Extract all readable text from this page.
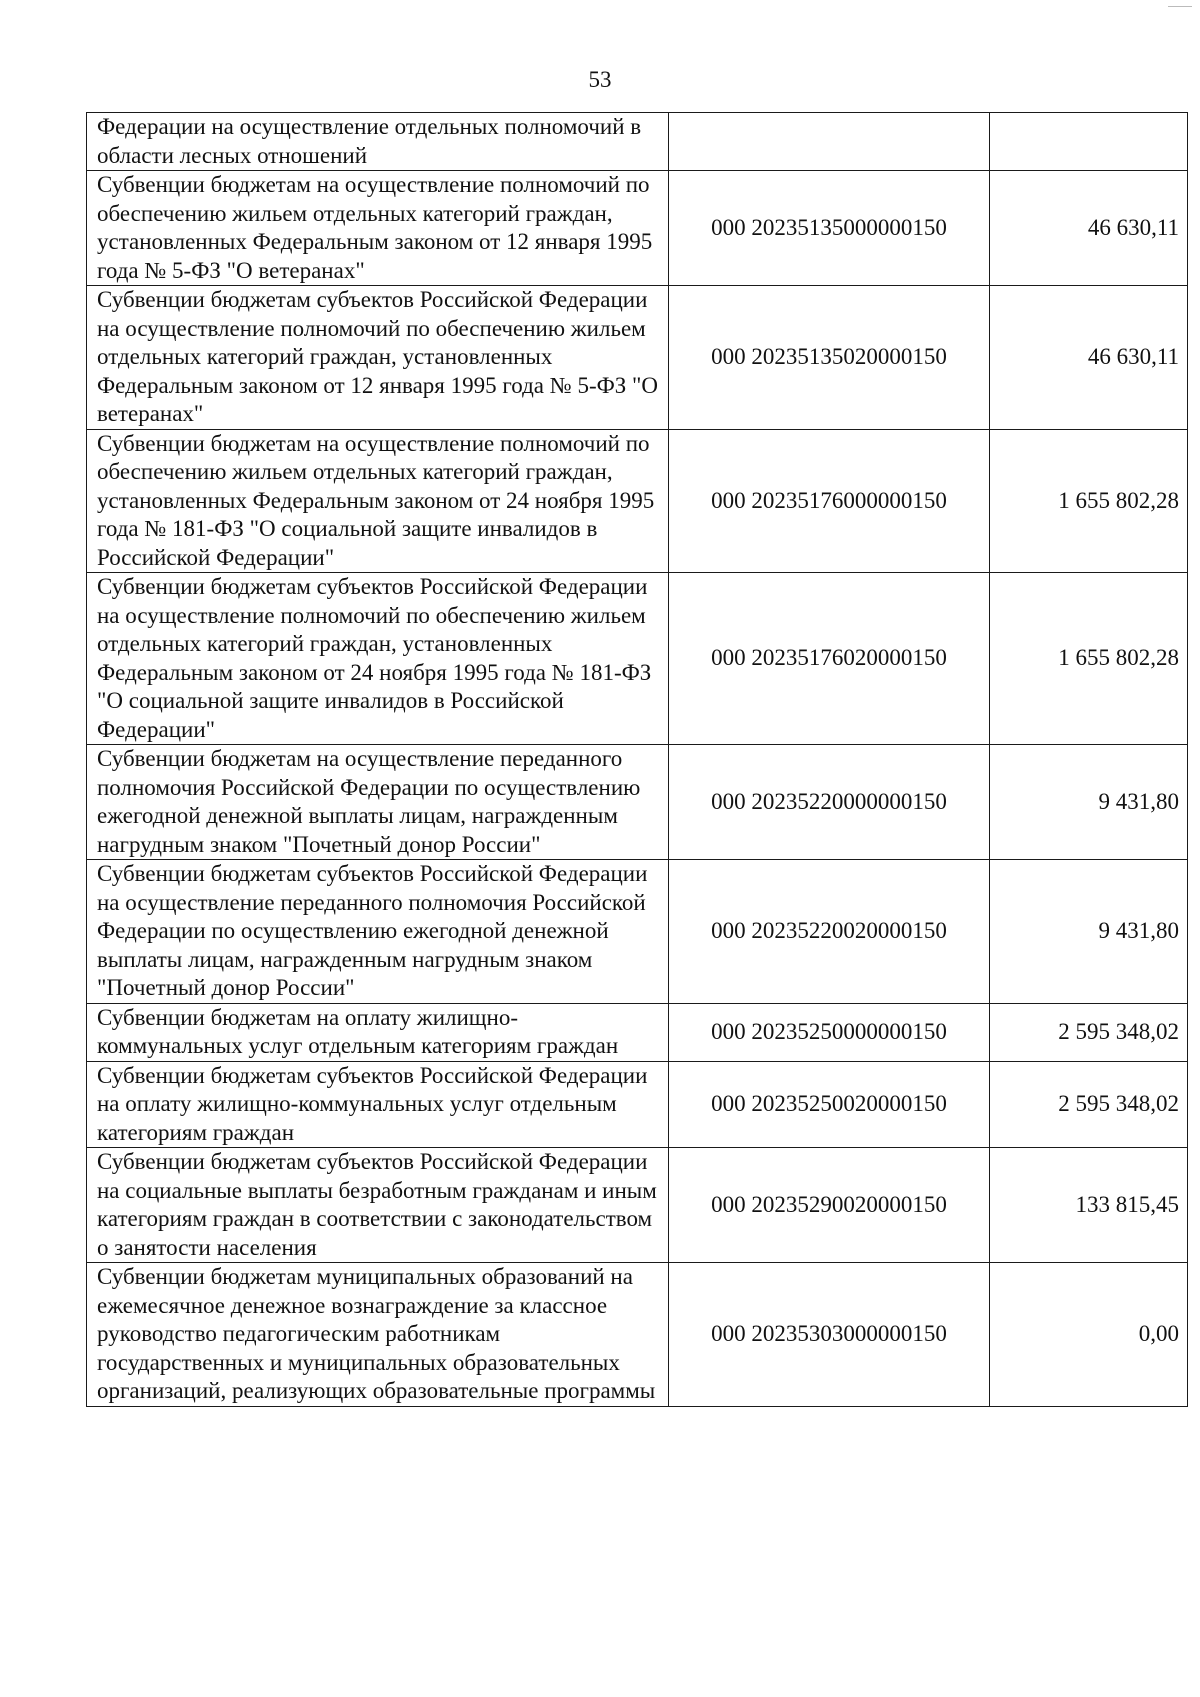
53
Федерации на осуществление отдельных полномочий в области лесных отношений		
Субвенции бюджетам на осуществление полномочий по обеспечению жильем отдельных категорий граждан, установленных Федеральным законом от 12 января 1995 года № 5-ФЗ "О ветеранах"	000 20235135000000150	46 630,11
Субвенции бюджетам субъектов Российской Федерации на осуществление полномочий по обеспечению жильем отдельных категорий граждан, установленных Федеральным законом от 12 января 1995 года № 5-ФЗ "О ветеранах"	000 20235135020000150	46 630,11
Субвенции бюджетам на осуществление полномочий по обеспечению жильем отдельных категорий граждан, установленных Федеральным законом от 24 ноября 1995 года № 181-ФЗ "О социальной защите инвалидов в Российской Федерации"	000 20235176000000150	1 655 802,28
Субвенции бюджетам субъектов Российской Федерации на осуществление полномочий по обеспечению жильем отдельных категорий граждан, установленных Федеральным законом от 24 ноября 1995 года № 181-ФЗ "О социальной защите инвалидов в Российской Федерации"	000 20235176020000150	1 655 802,28
Субвенции бюджетам на осуществление переданного полномочия Российской Федерации по осуществлению ежегодной денежной выплаты лицам, награжденным нагрудным знаком "Почетный донор России"	000 20235220000000150	9 431,80
Субвенции бюджетам субъектов Российской Федерации на осуществление переданного полномочия Российской Федерации по осуществлению ежегодной денежной выплаты лицам, награжденным нагрудным знаком "Почетный донор России"	000 20235220020000150	9 431,80
Субвенции бюджетам на оплату жилищно-коммунальных услуг отдельным категориям граждан	000 20235250000000150	2 595 348,02
Субвенции бюджетам субъектов Российской Федерации на оплату жилищно-коммунальных услуг отдельным категориям граждан	000 20235250020000150	2 595 348,02
Субвенции бюджетам субъектов Российской Федерации на социальные выплаты безработным гражданам и иным категориям граждан в соответствии с законодательством о занятости населения	000 20235290020000150	133 815,45
Субвенции бюджетам муниципальных образований на ежемесячное денежное вознаграждение за классное руководство педагогическим работникам государственных и муниципальных образовательных организаций, реализующих образовательные программы	000 20235303000000150	0,00
